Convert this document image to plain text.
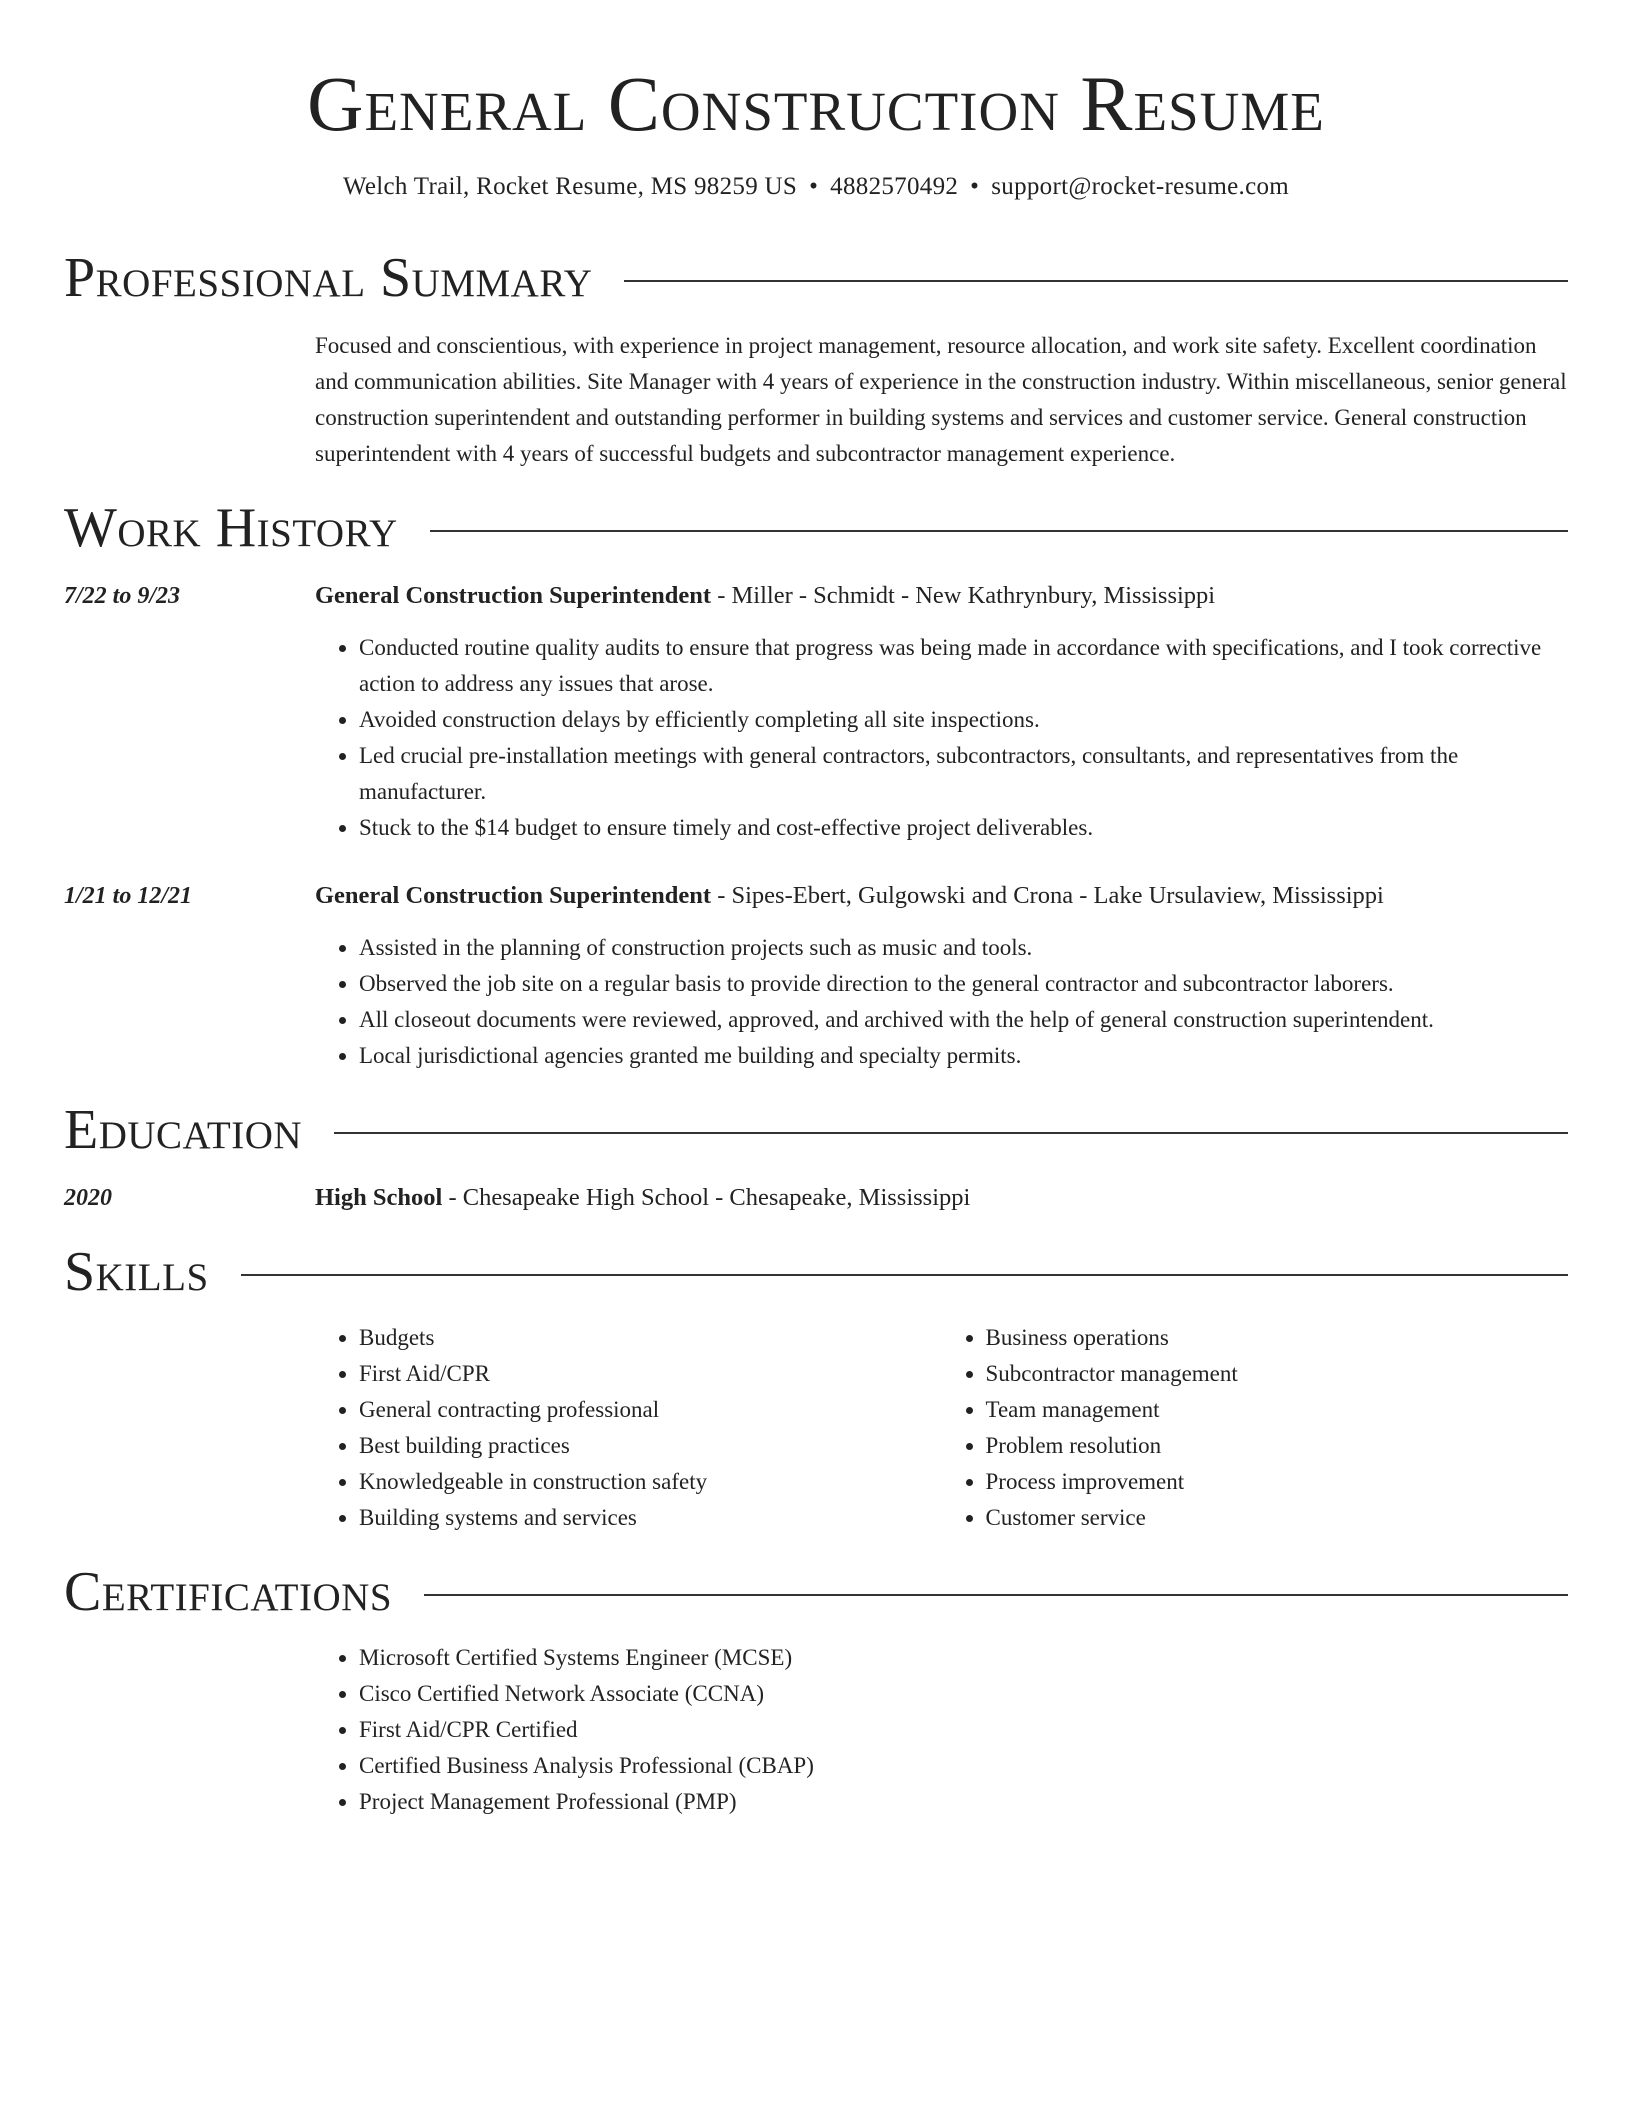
General Construction Resume
Welch Trail, Rocket Resume, MS 98259 US • 4882570492 • support@rocket-resume.com
Professional Summary
Focused and conscientious, with experience in project management, resource allocation, and work site safety. Excellent coordination and communication abilities. Site Manager with 4 years of experience in the construction industry. Within miscellaneous, senior general construction superintendent and outstanding performer in building systems and services and customer service. General construction superintendent with 4 years of successful budgets and subcontractor management experience.
Work History
7/22 to 9/23	General Construction Superintendent - Miller - Schmidt - New Kathrynbury, Mississippi
• Conducted routine quality audits to ensure that progress was being made in accordance with specifications, and I took corrective action to address any issues that arose.
• Avoided construction delays by efficiently completing all site inspections.
• Led crucial pre-installation meetings with general contractors, subcontractors, consultants, and representatives from the manufacturer.
• Stuck to the $14 budget to ensure timely and cost-effective project deliverables.
1/21 to 12/21	General Construction Superintendent - Sipes-Ebert, Gulgowski and Crona - Lake Ursulaview, Mississippi
• Assisted in the planning of construction projects such as music and tools.
• Observed the job site on a regular basis to provide direction to the general contractor and subcontractor laborers.
• All closeout documents were reviewed, approved, and archived with the help of general construction superintendent.
• Local jurisdictional agencies granted me building and specialty permits.
Education
2020	High School - Chesapeake High School - Chesapeake, Mississippi
Skills
• Budgets
• First Aid/CPR
• General contracting professional
• Best building practices
• Knowledgeable in construction safety
• Building systems and services
• Business operations
• Subcontractor management
• Team management
• Problem resolution
• Process improvement
• Customer service
Certifications
• Microsoft Certified Systems Engineer (MCSE)
• Cisco Certified Network Associate (CCNA)
• First Aid/CPR Certified
• Certified Business Analysis Professional (CBAP)
• Project Management Professional (PMP)
